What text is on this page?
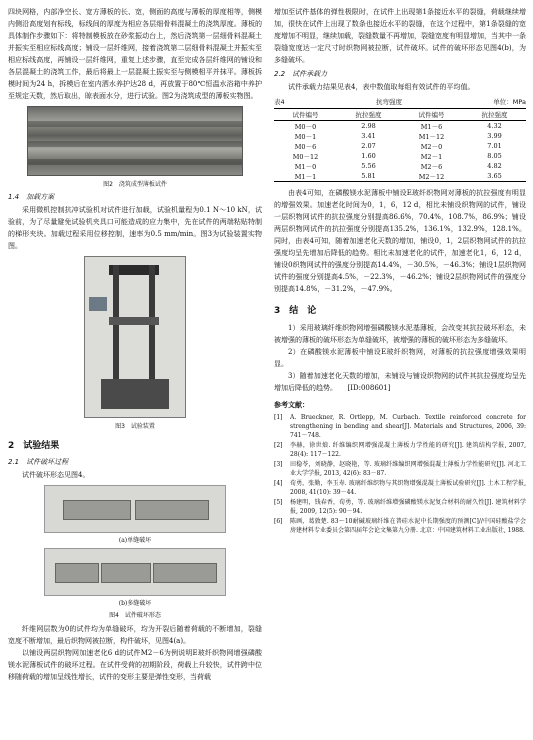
四块网格，内部净空长、宽方薄板的长、宽，侧面的高度与薄板的厚度相等，侧模内侧沿高度划有标线，标线间的厚度为相应各层细骨料混凝土的浇筑厚度。薄板的具体制作步骤如下：将特制模板放在砂浆振动台上，然后浇筑第一层细骨料混凝土并振实至相应标线高度；铺设一层纤维网，接着浇筑第二层细骨料混凝土并振实至相应标线高度，再铺设一层纤维网，重复上述步骤，直至完成各层纤维网的铺设和各层混凝土的浇筑工作，最后将最上一层混凝土振实至与侧模相平并抹平。薄板拆模时间为24 h，拆模后在室内洒水养护达28 d，再放置于80℃恒温水浴箱中养护至规定天数，然后取出，晾表面水分，进行试验。图2为浇筑成型的薄板实物图。

图2　浇筑成型薄板试件
1.4　加载方案

采用微机控制抗冲试验机对试件进行加载，试验机量程为0.1 N～10 kN，试验前，为了尽量避免试验机夹具口可能造成的应力集中，先在试件的两端粘贴特制的梯形夹块。加载过程采用位移控制，速率为0.5 mm/min。图3为试验装置实物图。

图3　试验装置
2　试验结果
2.1　试件破坏过程

试件破坏形态见图4。

(a)单缝破坏
(b)多缝破坏
图4　试件破坏形态

纤维网层数为0的试件均为单缝破坏，均为开裂后随着荷载的不断增加，裂缝宽度不断增加，最后织物网被拉断，构件破坏，见图4(a)。

以铺设两层织物网加速老化6 d的试件M2－6为例说明E玻纤织物网增强磷酸镁水泥薄板试件的破坏过程。在试件受荷的初期阶段，荷载上升较快，试件跨中位移随荷载的增加呈线性增长，试件的变形主要是弹性变形，当荷载

增加至试件基体的弹性极限时，在试件上出现第1条接近水平的裂缝，荷载继续增加，很快在试件上出现了数条也接近水平的裂缝，在这个过程中，第1条裂缝的宽度增加不明显，继续加载，裂缝数量不再增加，裂缝宽度有明显增加，当其中一条裂缝宽度达一定尺寸时织物网被拉断，试件破坏。试件的破坏形态见图4(b)，为多缝破坏。

2.2　试件承载力

试件承载力结果见表4，表中数值取每组有效试件的平均值。

表4	抗弯强度	单位：MPa
试件编号	抗拉强度	试件编号	抗拉强度
M0－0	2.98	M1－6	4.32
M0－1	3.41	M1－12	3.99
M0－6	2.07	M2－0	7.01
M0－12	1.60	M2－1	8.05
M1－0	5.56	M2－6	4.82
M1－1	5.81	M2－12	3.65

由表4可知，在磷酸镁水泥薄板中铺设E玻纤织物网对薄板的抗拉强度有明显的增强效果。加速老化时间为0，1，6，12 d，相比未铺设织物网的试件，铺设一层织物网试件的抗拉强度分别提高86.6%，70.4%，108.7%，86.9%；铺设两层织物网试件的抗拉强度分别提高135.2%，136.1%，132.9%，128.1%。同时，由表4可知，随着加速老化天数的增加，铺设0，1，2层织物网试件的抗拉强度均呈先增加后降低的趋势。相比未加速老化的试件，加速老化1，6，12 d，铺设0织物网试件的强度分别提高14.4%，－30.5%，－46.3%；铺设1层织物网试件的强度分别提高4.5%，－22.3%，－46.2%；铺设2层织物网试件的强度分别提高14.8%，－31.2%，－47.9%。

3　结　论

1）采用玻璃纤维织物网增强磷酸镁水泥基薄板，会改变其抗拉破坏形态，未被增强的薄板的破坏形态为单缝破坏，被增强的薄板的破坏形态为多缝破坏。

2）在磷酸镁水泥薄板中铺设E玻纤织物网，对薄板的抗拉强度增强效果明显。

3）随着加速老化天数的增加，未铺设与铺设织物网的试件其抗拉强度均呈先增加后降低的趋势。　　[ID:008601]

参考文献：
[1]	A. Brueckner, R. Ortlepp, M. Curbach. Textile reinforced concrete for strengthening in bending and shear[J]. Materials and Structures, 2006, 39: 741－748.
[2]	李赫，徐世烺. 纤维编织网增强混凝土薄板力学性能的研究[J]. 建筑结构学报, 2007, 28(4): 117－122.
[3]	田稳苓，刘晓静，赵晓艳，等. 玻璃纤维编织网增强混凝土薄板力学性能研究[J]. 河北工业大学学报, 2013, 42(6): 83－87.
[4]	荀勇，张勤，李玉寿. 玻璃纤维织物与其织物增强混凝土薄板试验研究[J]. 土木工程学报, 2008, 41(10): 39－44.
[5]	杨建明，钱春香，荀勇，等. 玻璃纤维增强磷酸镁水泥复合材料的耐久性[J]. 建筑材料学报, 2009, 12(5): 90－94.
[6]	陈画，葛敦楚. 83～10耐碱玻璃纤维在普硅水泥中长期强度的预测[C]//中国硅酸盐学会房建材料专业委员会第四届年会论文集第九分册. 北京：中国建筑材料工业出版社, 1988.
